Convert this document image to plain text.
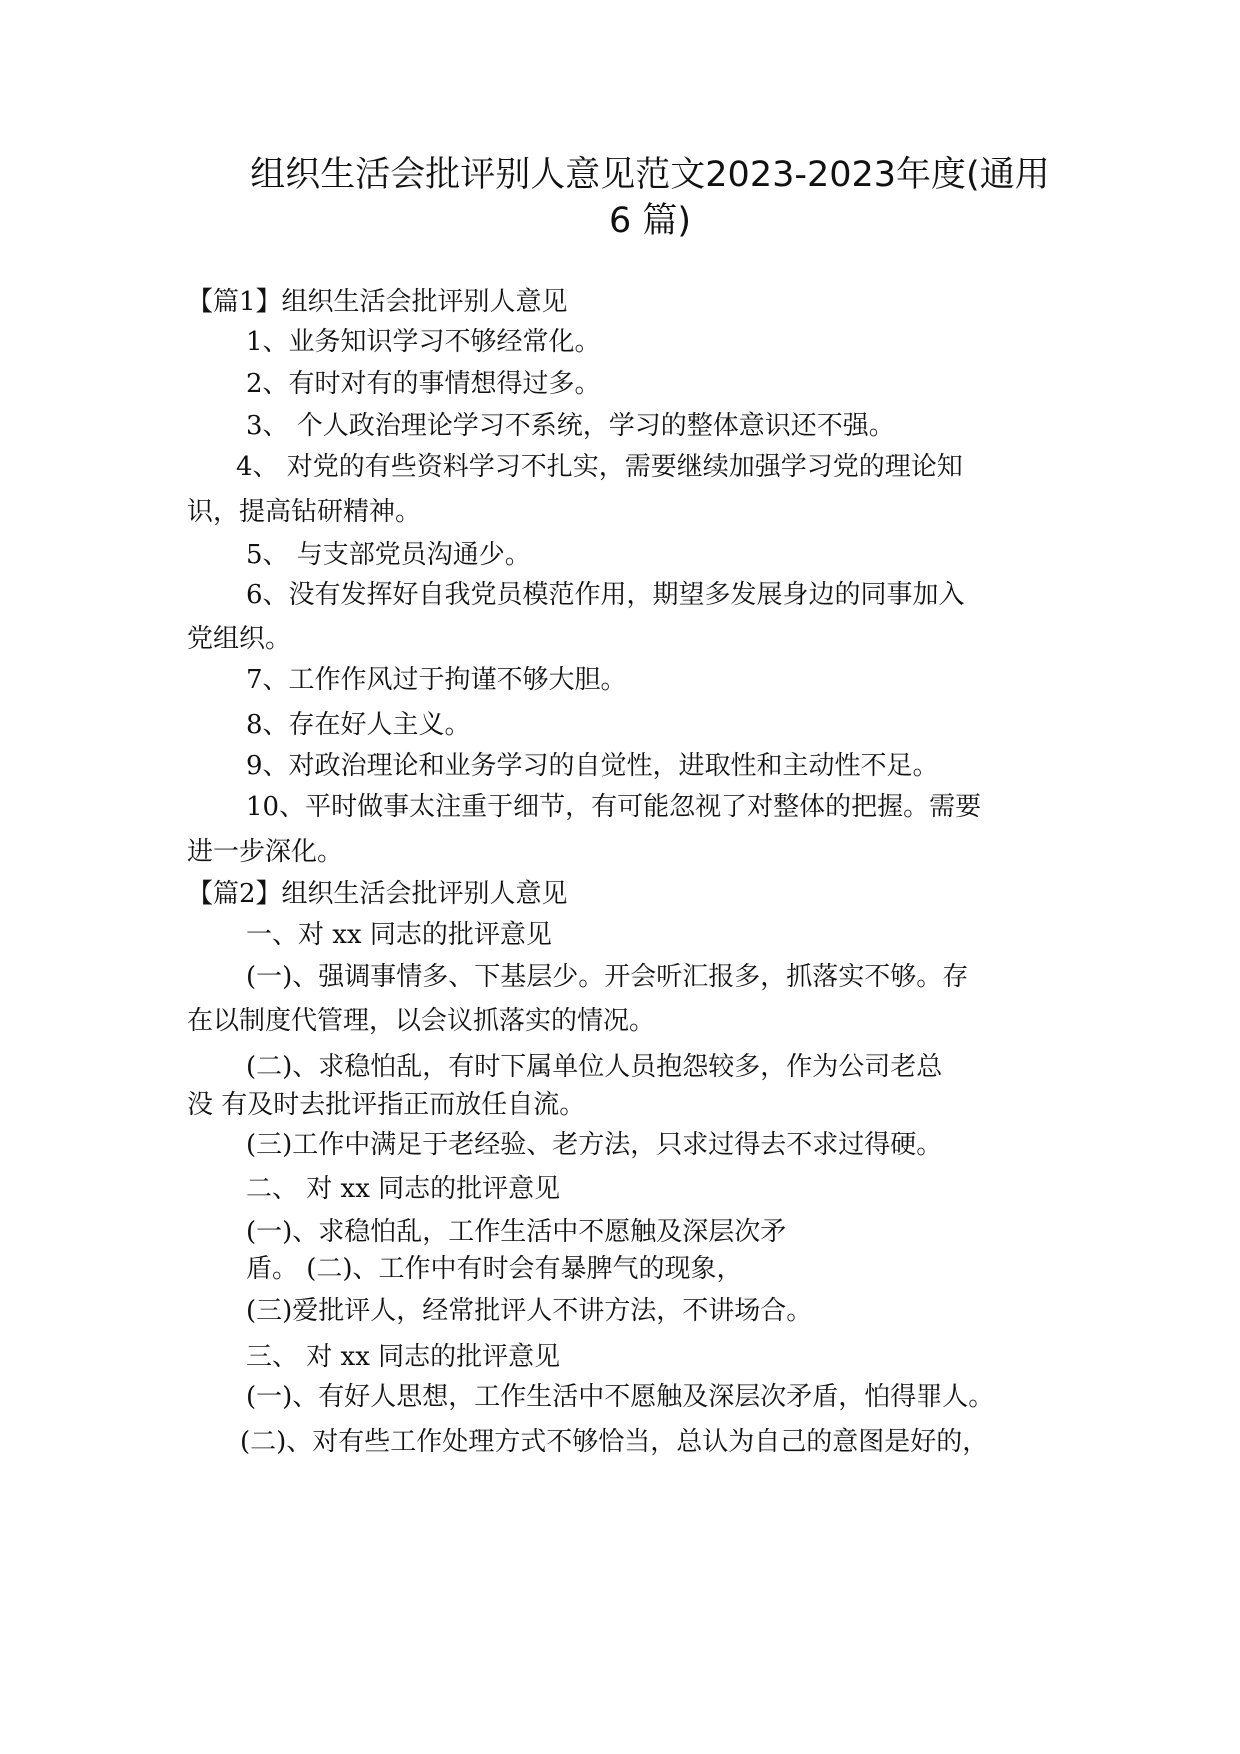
组织生活会批评别人意见范文2023-2023年度(通用
6 篇)
【篇1】组织生活会批评别人意见
1、业务知识学习不够经常化。
2、有时对有的事情想得过多。
3、 个人政治理论学习不系统，学习的整体意识还不强。
4、 对党的有些资料学习不扎实，需要继续加强学习党的理论知
识，提高钻研精神。
5、 与支部党员沟通少。
6、没有发挥好自我党员模范作用，期望多发展身边的同事加入
党组织。
7、工作作风过于拘谨不够大胆。
8、存在好人主义。
9、对政治理论和业务学习的自觉性，进取性和主动性不足。
10、平时做事太注重于细节，有可能忽视了对整体的把握。需要
进一步深化。
【篇2】组织生活会批评别人意见
一、对 xx 同志的批评意见
(一)、强调事情多、下基层少。开会听汇报多，抓落实不够。存
在以制度代管理，以会议抓落实的情况。
(二)、求稳怕乱，有时下属单位人员抱怨较多，作为公司老总
没 有及时去批评指正而放任自流。
(三)工作中满足于老经验、老方法，只求过得去不求过得硬。
二、 对 xx 同志的批评意见
(一)、求稳怕乱，工作生活中不愿触及深层次矛
盾。 (二)、工作中有时会有暴脾气的现象，
(三)爱批评人，经常批评人不讲方法，不讲场合。
三、 对 xx 同志的批评意见
(一)、有好人思想，工作生活中不愿触及深层次矛盾，怕得罪人。
(二)、对有些工作处理方式不够恰当，总认为自己的意图是好的，
